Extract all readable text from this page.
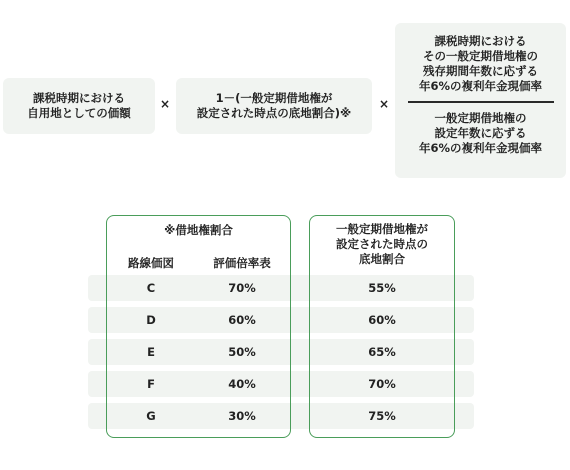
課税時期における
自用地としての価額
×	1－(一般定期借地権が
設定された時点の底地割合)※
×
課税時期における
その一般定期借地権の
残存期間年数に応ずる
年6%の複利年金現価率
一般定期借地権の
設定年数に応ずる
年6%の複利年金現価率
※借地権割合
路線価図	評価倍率表
一般定期借地権が
設定された時点の
底地割合
C	70%	55%
D	60%	60%
E	50%	65%
F	40%	70%
G	30%	75%
